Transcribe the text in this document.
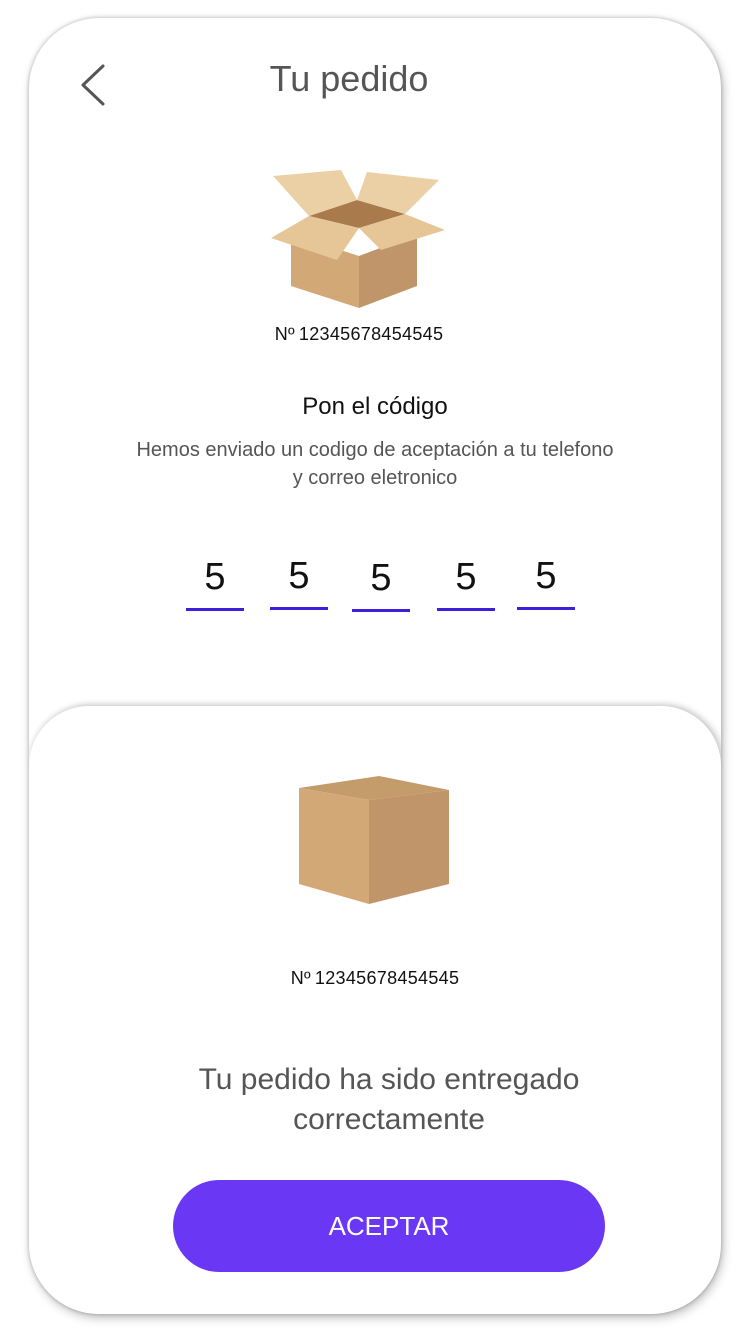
Tu pedido
Nº 12345678454545
Pon el código
Hemos enviado un codigo de aceptación a tu telefono
y correo eletronico
5	5	5	5	5
Nº 12345678454545
Tu pedido ha sido entregado
correctamente
ACEPTAR
